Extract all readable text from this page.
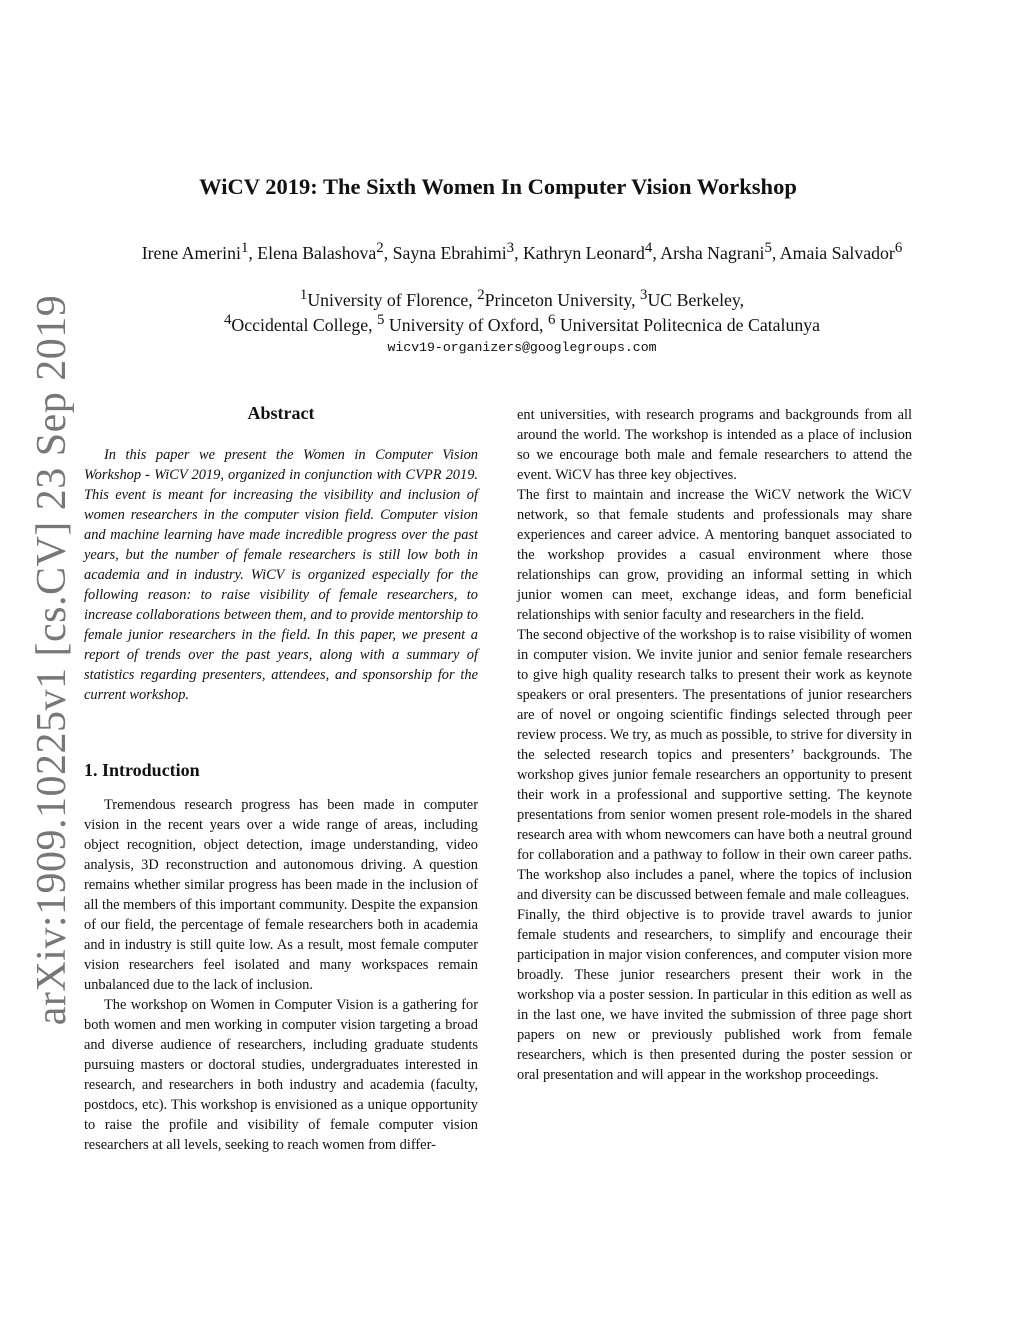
arXiv:1909.10225v1 [cs.CV] 23 Sep 2019
WiCV 2019: The Sixth Women In Computer Vision Workshop
Irene Amerini$^1$, Elena Balashova$^2$, Sayna Ebrahimi$^3$, Kathryn Leonard$^4$, Arsha Nagrani$^5$, Amaia Salvador$^6$
$^1$University of Florence, $^2$Princeton University, $^3$UC Berkeley,
$^4$Occidental College, $^5$ University of Oxford, $^6$ Universitat Politecnica de Catalunya
wicv19-organizers@googlegroups.com
Abstract

In this paper we present the Women in Computer Vision Workshop - WiCV 2019, organized in conjunction with CVPR 2019. This event is meant for increasing the visibility and inclusion of women researchers in the computer vision field. Computer vision and machine learning have made incredible progress over the past years, but the number of female researchers is still low both in academia and in industry. WiCV is organized especially for the following reason: to raise visibility of female researchers, to increase collaborations between them, and to provide mentorship to female junior researchers in the field. In this paper, we present a report of trends over the past years, along with a summary of statistics regarding presenters, attendees, and sponsorship for the current workshop.

1. Introduction

Tremendous research progress has been made in computer vision in the recent years over a wide range of areas, including object recognition, object detection, image understanding, video analysis, 3D reconstruction and autonomous driving. A question remains whether similar progress has been made in the inclusion of all the members of this important community. Despite the expansion of our field, the percentage of female researchers both in academia and in industry is still quite low. As a result, most female computer vision researchers feel isolated and many workspaces remain unbalanced due to the lack of inclusion.

The workshop on Women in Computer Vision is a gathering for both women and men working in computer vision targeting a broad and diverse audience of researchers, including graduate students pursuing masters or doctoral studies, undergraduates interested in research, and researchers in both industry and academia (faculty, postdocs, etc). This workshop is envisioned as a unique opportunity to raise the profile and visibility of female computer vision researchers at all levels, seeking to reach women from differ-

ent universities, with research programs and backgrounds from all around the world. The workshop is intended as a place of inclusion so we encourage both male and female researchers to attend the event. WiCV has three key objectives.

The first to maintain and increase the WiCV network the WiCV network, so that female students and professionals may share experiences and career advice. A mentoring banquet associated to the workshop provides a casual environment where those relationships can grow, providing an informal setting in which junior women can meet, exchange ideas, and form beneficial relationships with senior faculty and researchers in the field.

The second objective of the workshop is to raise visibility of women in computer vision. We invite junior and senior female researchers to give high quality research talks to present their work as keynote speakers or oral presenters. The presentations of junior researchers are of novel or ongoing scientific findings selected through peer review process. We try, as much as possible, to strive for diversity in the selected research topics and presenters’ backgrounds. The workshop gives junior female researchers an opportunity to present their work in a professional and supportive setting. The keynote presentations from senior women present role-models in the shared research area with whom newcomers can have both a neutral ground for collaboration and a pathway to follow in their own career paths. The workshop also includes a panel, where the topics of inclusion and diversity can be discussed between female and male colleagues.

Finally, the third objective is to provide travel awards to junior female students and researchers, to simplify and encourage their participation in major vision conferences, and computer vision more broadly. These junior researchers present their work in the workshop via a poster session. In particular in this edition as well as in the last one, we have invited the submission of three page short papers on new or previously published work from female researchers, which is then presented during the poster session or oral presentation and will appear in the workshop proceedings.
